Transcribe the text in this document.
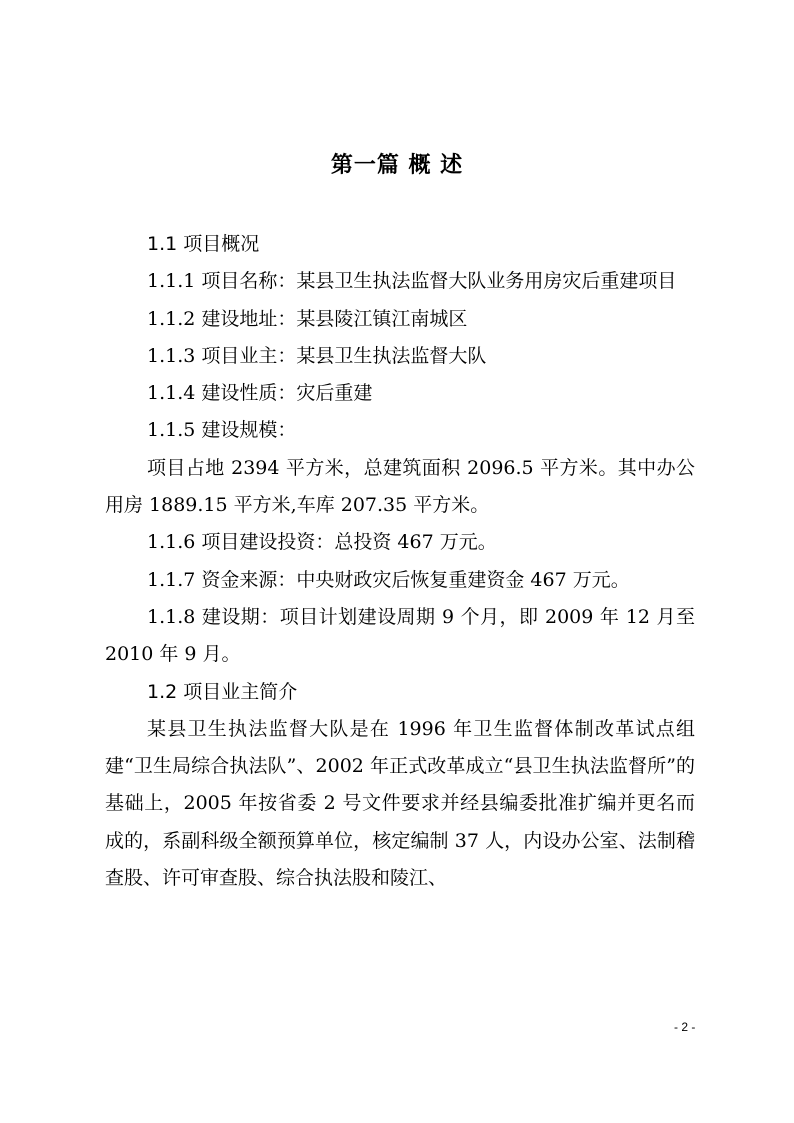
第一篇 概 述

1.1 项目概况

1.1.1 项目名称：某县卫生执法监督大队业务用房灾后重建项目

1.1.2 建设地址：某县陵江镇江南城区

1.1.3 项目业主：某县卫生执法监督大队

1.1.4 建设性质：灾后重建

1.1.5 建设规模：

项目占地 2394 平方米，总建筑面积 2096.5 平方米。其中办公用房 1889.15 平方米,车库 207.35 平方米。

1.1.6 项目建设投资：总投资 467 万元。

1.1.7 资金来源：中央财政灾后恢复重建资金 467 万元。

1.1.8 建设期：项目计划建设周期 9 个月，即 2009 年 12 月至 2010 年 9 月。

1.2 项目业主简介

某县卫生执法监督大队是在 1996 年卫生监督体制改革试点组建“卫生局综合执法队”、2002 年正式改革成立“县卫生执法监督所”的基础上，2005 年按省委 2 号文件要求并经县编委批准扩编并更名而成的，系副科级全额预算单位，核定编制 37 人，内设办公室、法制稽查股、许可审查股、综合执法股和陵江、

- 2 -
